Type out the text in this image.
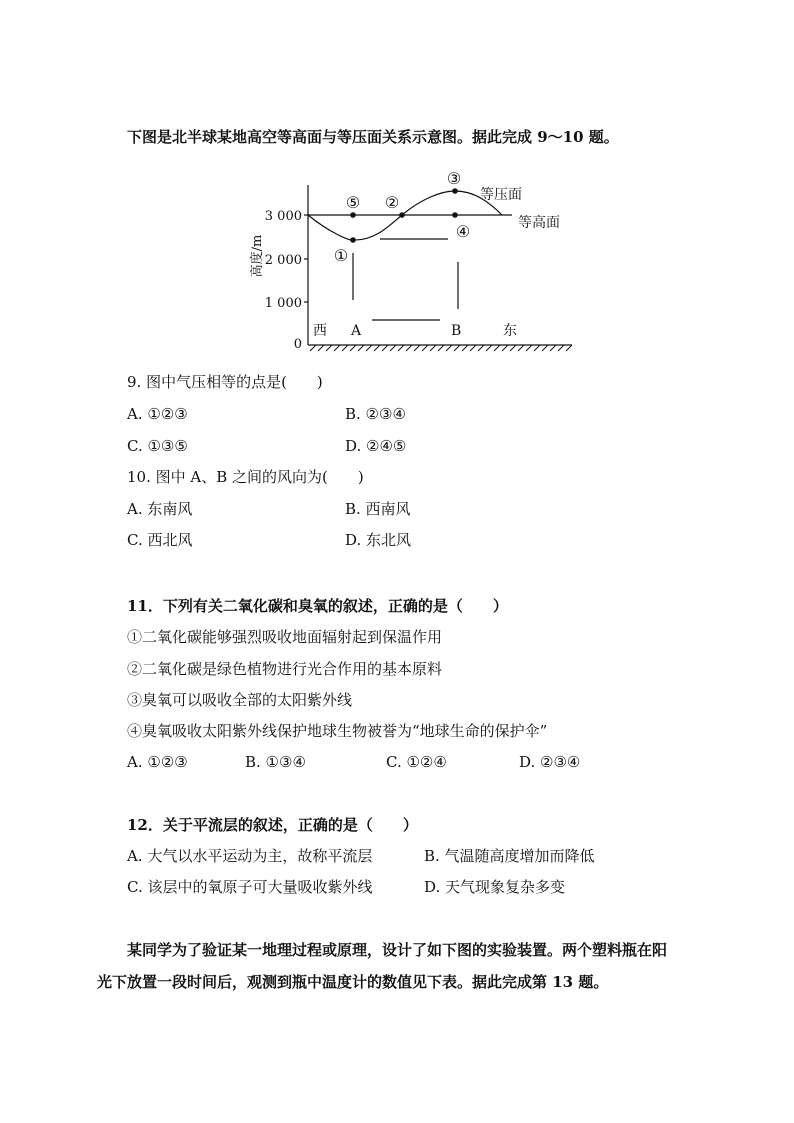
下图是北半球某地高空等高面与等压面关系示意图。据此完成 9～10 题。
3 000
2 000
1 000
0
高度/m
⑤ ②
③
④
①
等压面
等高面
西 A	B	东
9. 图中气压相等的点是(　　)
A. ①②③	B. ②③④
C. ①③⑤	D. ②④⑤
10. 图中 A、B 之间的风向为(　　)
A. 东南风	B. 西南风
C. 西北风	D. 东北风
11．下列有关二氧化碳和臭氧的叙述，正确的是（　　）
①二氧化碳能够强烈吸收地面辐射起到保温作用
②二氧化碳是绿色植物进行光合作用的基本原料
③臭氧可以吸收全部的太阳紫外线
④臭氧吸收太阳紫外线保护地球生物被誉为“地球生命的保护伞”
A. ①②③	B. ①③④	C. ①②④	D. ②③④
12．关于平流层的叙述，正确的是（　　）
A. 大气以水平运动为主，故称平流层	B. 气温随高度增加而降低
C. 该层中的氧原子可大量吸收紫外线	D. 天气现象复杂多变
某同学为了验证某一地理过程或原理，设计了如下图的实验装置。两个塑料瓶在阳
光下放置一段时间后，观测到瓶中温度计的数值见下表。据此完成第 13 题。
